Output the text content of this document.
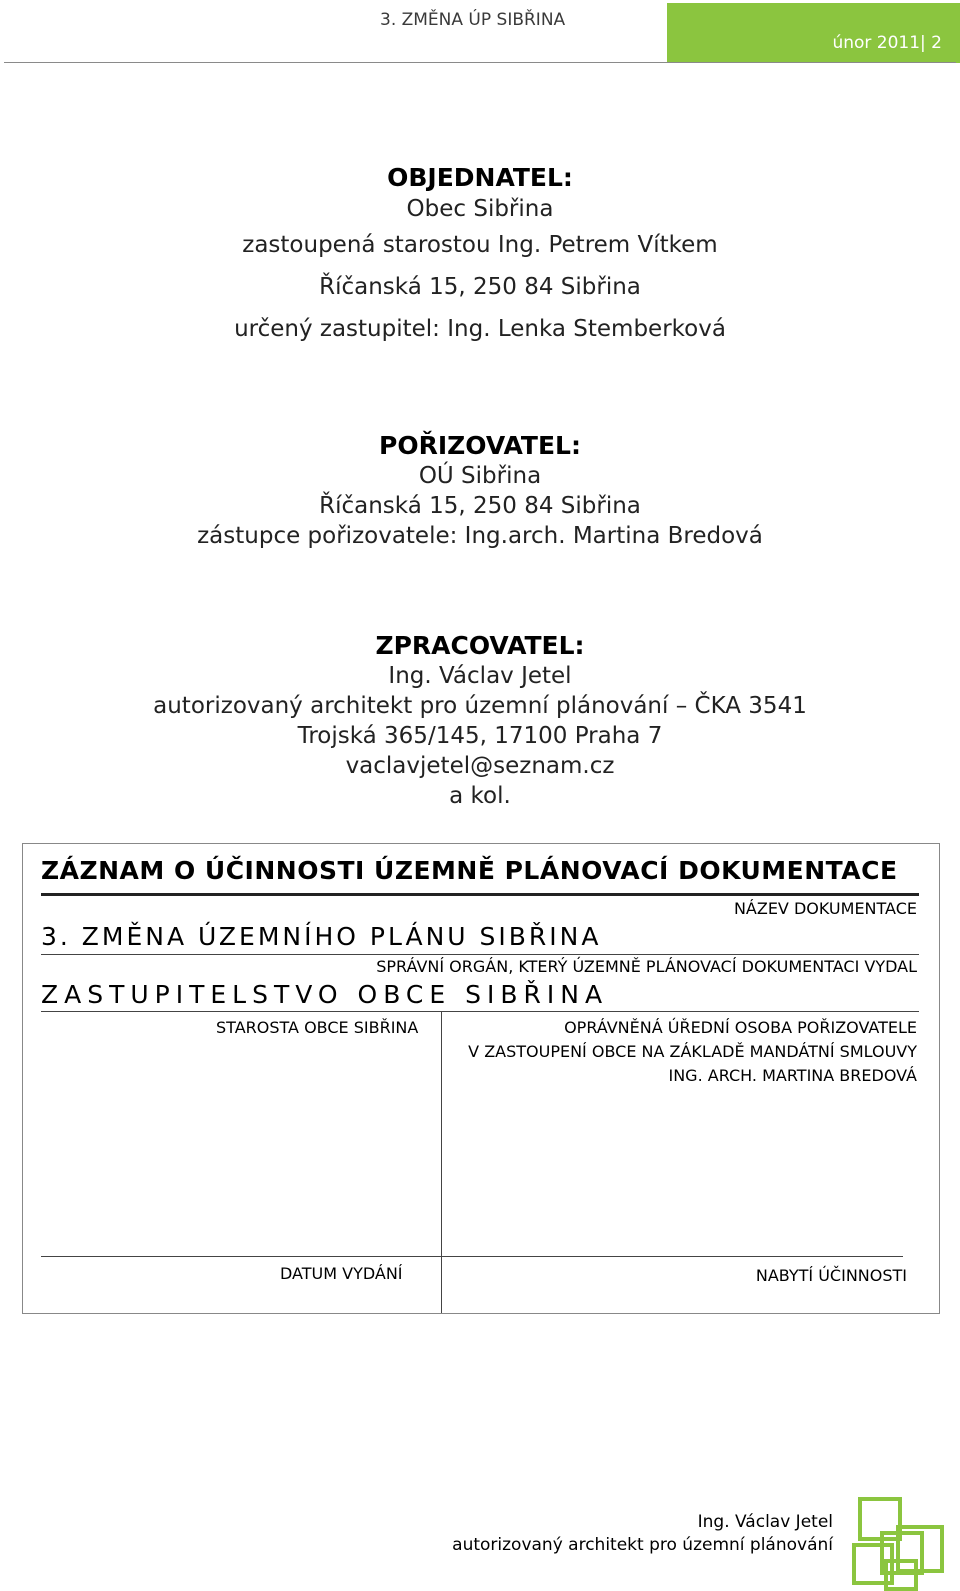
3. ZMĚNA ÚP SIBŘINA
únor 2011| 2
OBJEDNATEL:
Obec Sibřina
zastoupená starostou Ing. Petrem Vítkem
Říčanská 15, 250 84 Sibřina
určený zastupitel: Ing. Lenka Stemberková
POŘIZOVATEL:
OÚ Sibřina
Říčanská 15, 250 84 Sibřina
zástupce pořizovatele: Ing.arch. Martina Bredová
ZPRACOVATEL:
Ing. Václav Jetel
autorizovaný architekt pro územní plánování – ČKA 3541
Trojská 365/145, 17100 Praha 7
vaclavjetel@seznam.cz
a kol.
ZÁZNAM O ÚČINNOSTI ÚZEMNĚ PLÁNOVACÍ DOKUMENTACE
NÁZEV DOKUMENTACE
3. ZMĚNA ÚZEMNÍHO PLÁNU SIBŘINA
SPRÁVNÍ ORGÁN, KTERÝ ÚZEMNĚ PLÁNOVACÍ DOKUMENTACI VYDAL
ZASTUPITELSTVO OBCE SIBŘINA
STAROSTA OBCE SIBŘINA	OPRÁVNĚNÁ ÚŘEDNÍ OSOBA POŘIZOVATELE
V ZASTOUPENÍ OBCE NA ZÁKLADĚ MANDÁTNÍ SMLOUVY
ING. ARCH. MARTINA BREDOVÁ
DATUM VYDÁNÍ	NABYTÍ ÚČINNOSTI
Ing. Václav Jetel
autorizovaný architekt pro územní plánování
